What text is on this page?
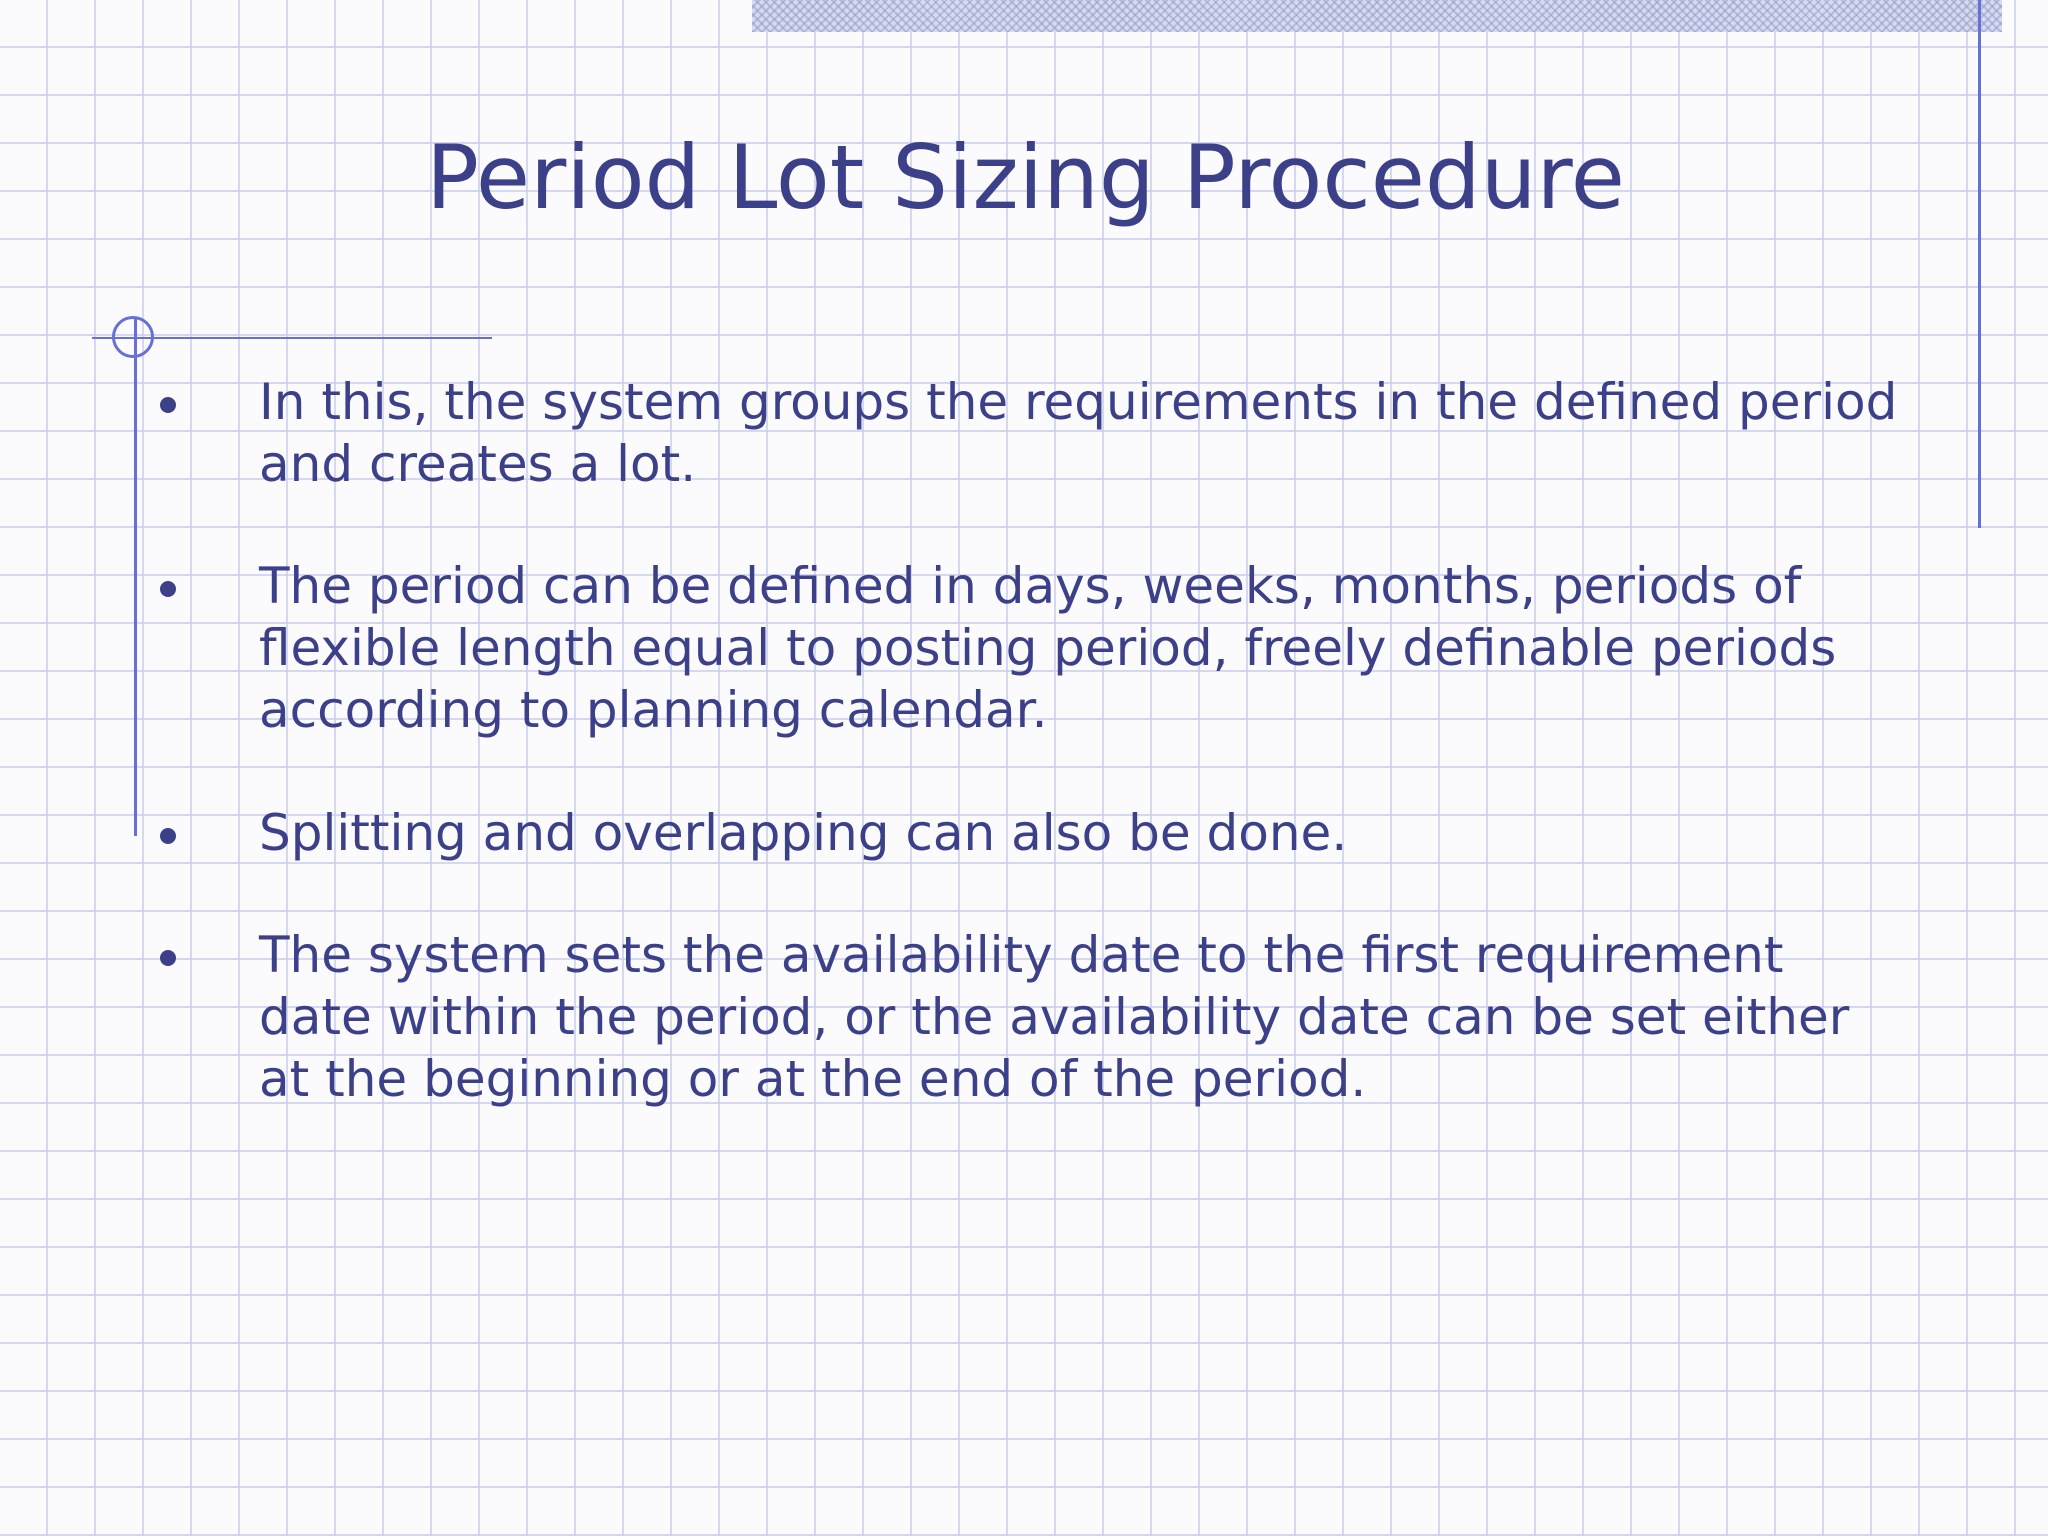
Period Lot Sizing Procedure
In this, the system groups the requirements in the defined period and creates a lot.
The period can be defined in days, weeks, months, periods of flexible length equal to posting period, freely definable periods according to planning calendar.
Splitting and overlapping can also be done.
The system sets the availability date to the first requirement date within the period, or the availability date can be set either at the beginning or at the end of the period.
